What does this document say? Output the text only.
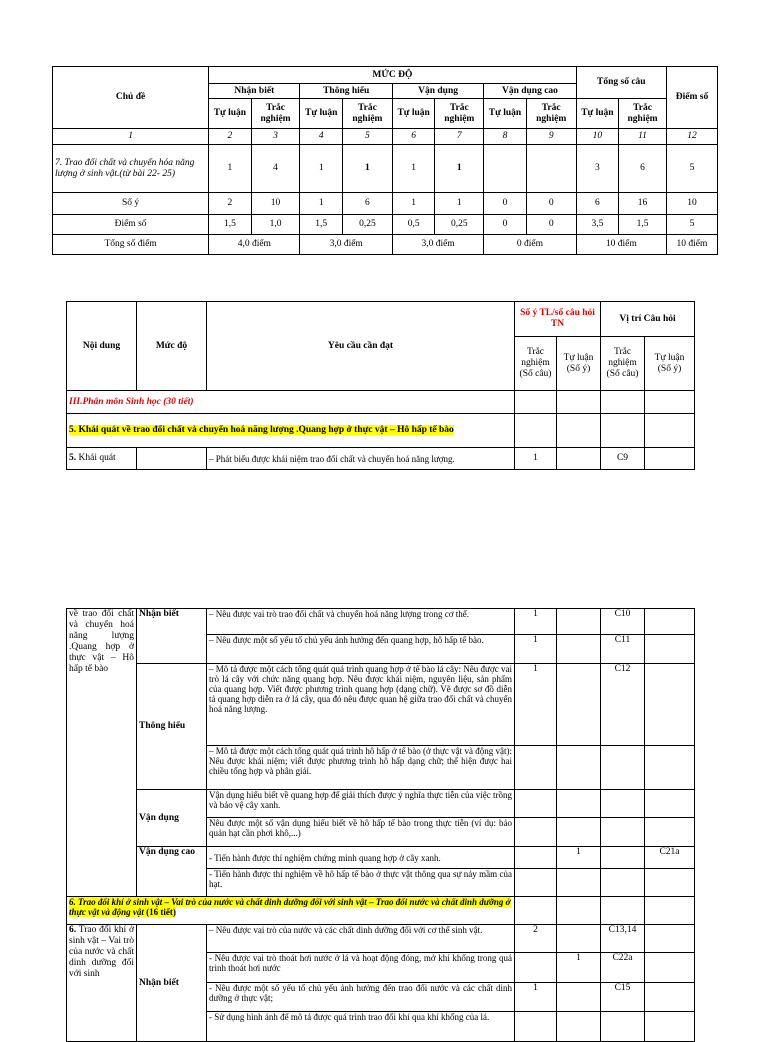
Chủ đề	MỨC ĐỘ								Tổng số câu		Điểm số
	Nhận biết		Thông hiểu		Vận dụng		Vận dụng cao				
	Tự luận	Trắc nghiệm	Tự luận	Trắc nghiệm	Tự luận	Trắc nghiệm	Tự luận	Trắc nghiệm	Tự luận	Trắc nghiệm	
1	2	3	4	5	6	7	8	9	10	11	12
7. Trao đổi chất và chuyển hóa năng lượng ở sinh vật.(từ bài 22- 25)	1	4	1	1	1	1			3	6	5
Số ý	2	10	1	6	1	1	0	0	6	16	10
Điểm số	1,5	1,0	1,5	0,25	0,5	0,25	0	0	3,5	1,5	5
Tổng số điểm	4,0 điểm		3,0 điểm		3,0 điểm		0 điểm		10 điểm		10 điểm
Nội dung	Mức độ	Yêu cầu cần đạt	Số ý TL/số câu hỏi TN		Vị trí Câu hỏi	
			Trắc nghiệm (Số câu)	Tự luận (Số ý)	Trắc nghiệm (Số câu)	Tự luận (Số ý)
III.Phân môn Sinh học (30 tiết)						
5. Khái quát về trao đổi chất và chuyển hoá năng lượng .Quang hợp ở thực vật – Hô hấp tế bào						
5. Khái quát		– Phát biểu được khái niệm trao đổi chất và chuyển hoá năng lượng.	1		C9	
về trao đổi chất và chuyển hoá năng lượng .Quang hợp ở thực vật – Hô hấp tế bào	Nhận biết	– Nêu được vai trò trao đổi chất và chuyển hoá năng lượng trong cơ thể.	1		C10	
		– Nêu được một số yếu tố chủ yếu ảnh hưởng đến quang hợp, hô hấp tế bào.	1		C11	
	Thông hiểu	– Mô tả được một cách tổng quát quá trình quang hợp ở tế bào lá cây: Nêu được vai trò lá cây với chức năng quang hợp. Nêu được khái niệm, nguyên liệu, sản phẩm của quang hợp. Viết được phương trình quang hợp (dạng chữ). Vẽ được sơ đồ diễn tả quang hợp diễn ra ở lá cây, qua đó nêu được quan hệ giữa trao đổi chất và chuyển hoá năng lượng.	1		C12	
		– Mô tả được một cách tổng quát quá trình hô hấp ở tế bào (ở thực vật và động vật): Nêu được khái niệm; viết được phương trình hô hấp dạng chữ; thể hiện được hai chiều tổng hợp và phân giải.				
	Vận dụng	Vận dụng hiểu biết về quang hợp để giải thích được ý nghĩa thực tiễn của việc trồng và bảo vệ cây xanh.				
		Nêu được một số vận dụng hiểu biết về hô hấp tế bào trong thực tiễn (ví dụ: bảo quản hạt cần phơi khô,...)				
	Vận dụng cao	- Tiến hành được thí nghiệm chứng minh quang hợp ở cây xanh.		1		C21a
		- Tiến hành được thí nghiệm về hô hấp tế bào ở thực vật thông qua sự nảy mầm của hạt.				
6. Trao đổi khí ở sinh vật – Vai trò của nước và chất dinh dưỡng đối với sinh vật – Trao đổi nước và chất dinh dưỡng ở thực vật và động vật (16 tiết)						
6. Trao đổi khí ở sinh vật – Vai trò của nước và chất dinh dưỡng đối với sinh	Nhận biết	– Nêu được vai trò của nước và các chất dinh dưỡng đối với cơ thể sinh vật.	2		C13,14	
		- Nêu được vai trò thoát hơi nước ở lá và hoạt động đóng, mở khí khổng trong quá trình thoát hơi nước		1	C22a	
		- Nêu được một số yếu tố chủ yếu ảnh hưởng đến trao đổi nước và các chất dinh dưỡng ở thực vật;	1		C15	
		- Sử dụng hình ảnh để mô tả được quá trình trao đổi khí qua khí khổng của lá.				
